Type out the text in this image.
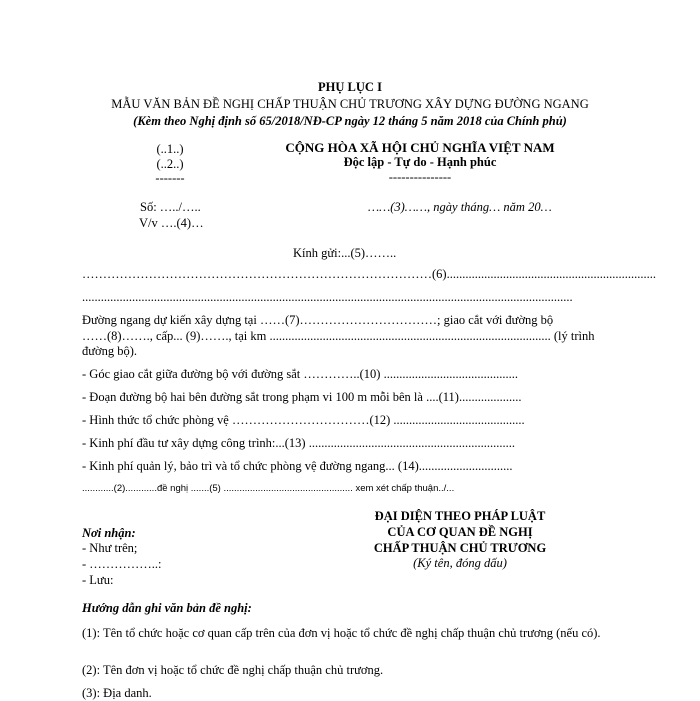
PHỤ LỤC I
MẪU VĂN BẢN ĐỀ NGHỊ CHẤP THUẬN CHỦ TRƯƠNG XÂY DỰNG ĐƯỜNG NGANG
(Kèm theo Nghị định số 65/2018/NĐ-CP ngày 12 tháng 5 năm 2018 của Chính phủ)
(..1..)
(..2..)
-------
CỘNG HÒA XÃ HỘI CHỦ NGHĨA VIỆT NAM
Độc lập - Tự do - Hạnh phúc
---------------
Số: …../…..	……(3)……, ngày tháng… năm 20…
V/v ….(4)…
Kính gửi:...(5)……..
…………………………………………………………………………(6)...................................................................
.............................................................................................................................................................
Đường ngang dự kiến xây dựng tại ……(7)……………………………; giao cắt với đường bộ
……(8)……., cấp... (9)……., tại km .......................................................................................... (lý trình
đường bộ).
- Góc giao cắt giữa đường bộ với đường sắt …………..(10) ...........................................
- Đoạn đường bộ hai bên đường sắt trong phạm vi 100 m mỗi bên là ....(11)....................
- Hình thức tổ chức phòng vệ ……………………………(12) ..........................................
- Kinh phí đầu tư xây dựng công trình:...(13) ..................................................................
- Kinh phí quản lý, bảo trì và tổ chức phòng vệ đường ngang... (14)..............................
............(2)............đề nghị .......(5) ................................................. xem xét chấp thuận../...
Nơi nhận:
- Như trên;
- ……………..:
- Lưu:
ĐẠI DIỆN THEO PHÁP LUẬT
CỦA CƠ QUAN ĐỀ NGHỊ
CHẤP THUẬN CHỦ TRƯƠNG
(Ký tên, đóng dấu)
Hướng dẫn ghi văn bản đề nghị:
(1): Tên tổ chức hoặc cơ quan cấp trên của đơn vị hoặc tổ chức đề nghị chấp thuận chủ trương (nếu có).
(2): Tên đơn vị hoặc tổ chức đề nghị chấp thuận chủ trương.
(3): Địa danh.
